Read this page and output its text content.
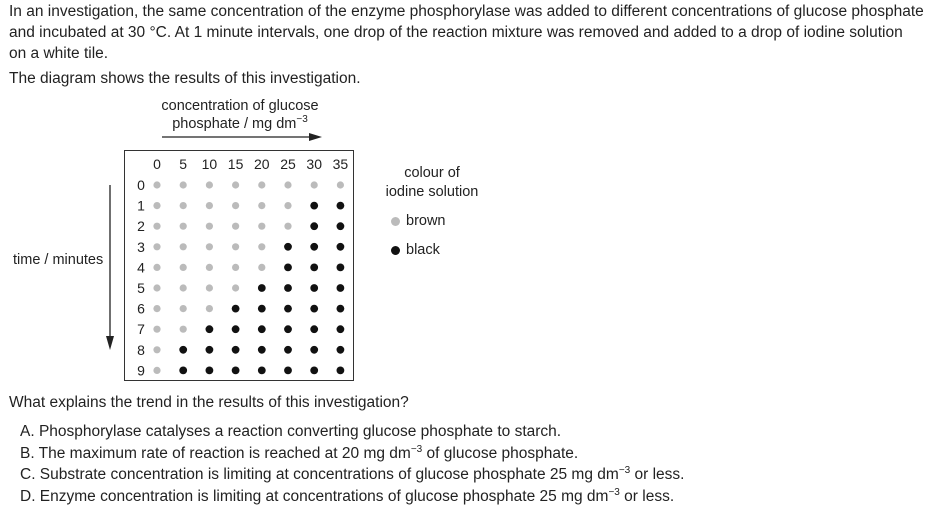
In an investigation, the same concentration of the enzyme phosphorylase was added to different concentrations of glucose phosphate and incubated at 30 °C. At 1 minute intervals, one drop of the reaction mixture was removed and added to a drop of iodine solution on a white tile.

The diagram shows the results of this investigation.

concentration of glucose
phosphate / mg $dm^{-3}$
time / minutes
0 5 10 15 20 25 30 35
0
1
2
3
4
5
6
7
8
9
colour of
iodine solution
brown
black

What explains the trend in the results of this investigation?

A. Phosphorylase catalyses a reaction converting glucose phosphate to starch.
B. The maximum rate of reaction is reached at 20 mg $dm^{-3}$ of glucose phosphate.
C. Substrate concentration is limiting at concentrations of glucose phosphate 25 mg $dm^{-3}$ or less.
D. Enzyme concentration is limiting at concentrations of glucose phosphate 25 mg $dm^{-3}$ or less.
